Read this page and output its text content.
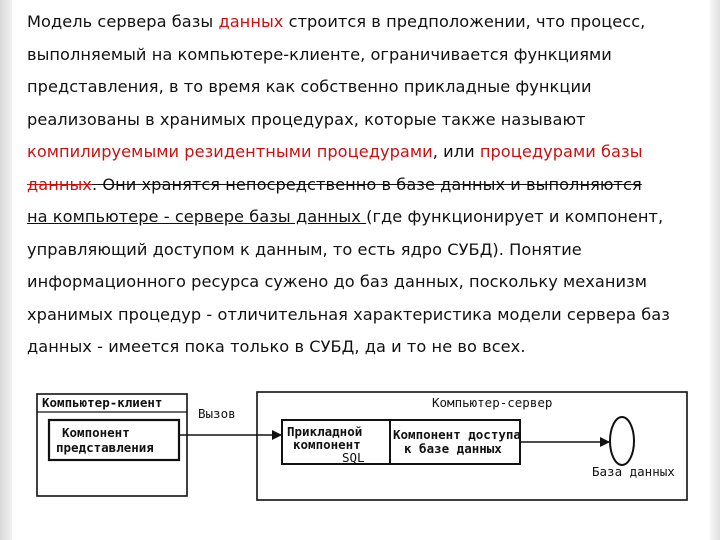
Модель сервера базы данных строится в предположении, что процесс,
выполняемый на компьютере-клиенте, ограничивается функциями
представления, в то время как собственно прикладные функции
реализованы в хранимых процедурах, которые также называют
компилируемыми резидентными процедурами, или процедурами базы
данных. Они хранятся непосредственно в базе данных и выполняются
на компьютере - сервере базы данных (где функционирует и компонент,
управляющий доступом к данным, то есть ядро СУБД). Понятие
информационного ресурса сужено до баз данных, поскольку механизм
хранимых процедур - отличительная характеристика модели сервера баз
данных - имеется пока только в СУБД, да и то не во всех.
Компьютер-клиент
Компонент
представления
Вызов
Компьютер-сервер
Прикладной
компонент
SQL
Компонент доступа
к базе данных
База данных
